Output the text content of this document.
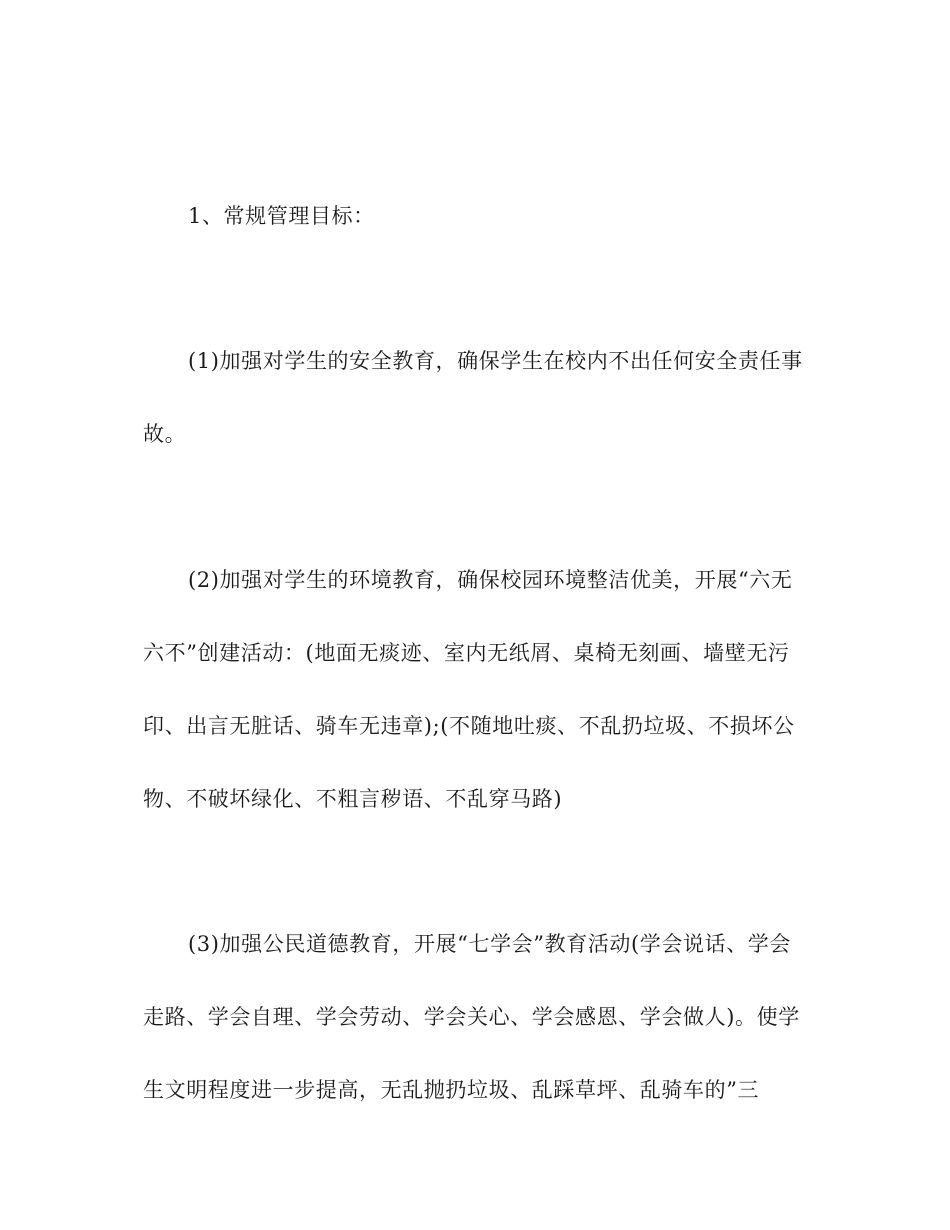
1、常规管理目标：
(1)加强对学生的安全教育，确保学生在校内不出任何安全责任事
故。
(2)加强对学生的环境教育，确保校园环境整洁优美，开展“六无
六不”创建活动：(地面无痰迹、室内无纸屑、桌椅无刻画、墙壁无污
印、出言无脏话、骑车无违章);(不随地吐痰、不乱扔垃圾、不损坏公
物、不破坏绿化、不粗言秽语、不乱穿马路)
(3)加强公民道德教育，开展“七学会”教育活动(学会说话、学会
走路、学会自理、学会劳动、学会关心、学会感恩、学会做人)。使学
生文明程度进一步提高，无乱抛扔垃圾、乱踩草坪、乱骑车的”三
